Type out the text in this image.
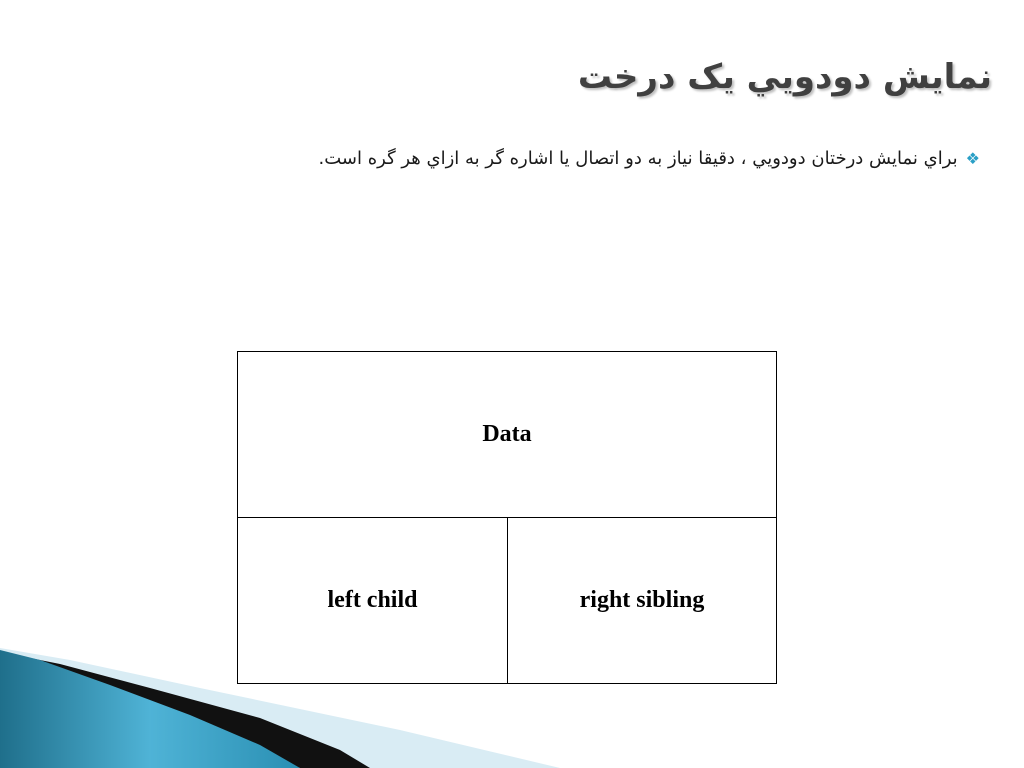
نمايش دودويي يک درخت
❖براي نمايش درختان دودويي ، دقيقا نياز به دو اتصال يا اشاره گر به ازاي هر گره است.
Data
left child	right sibling
